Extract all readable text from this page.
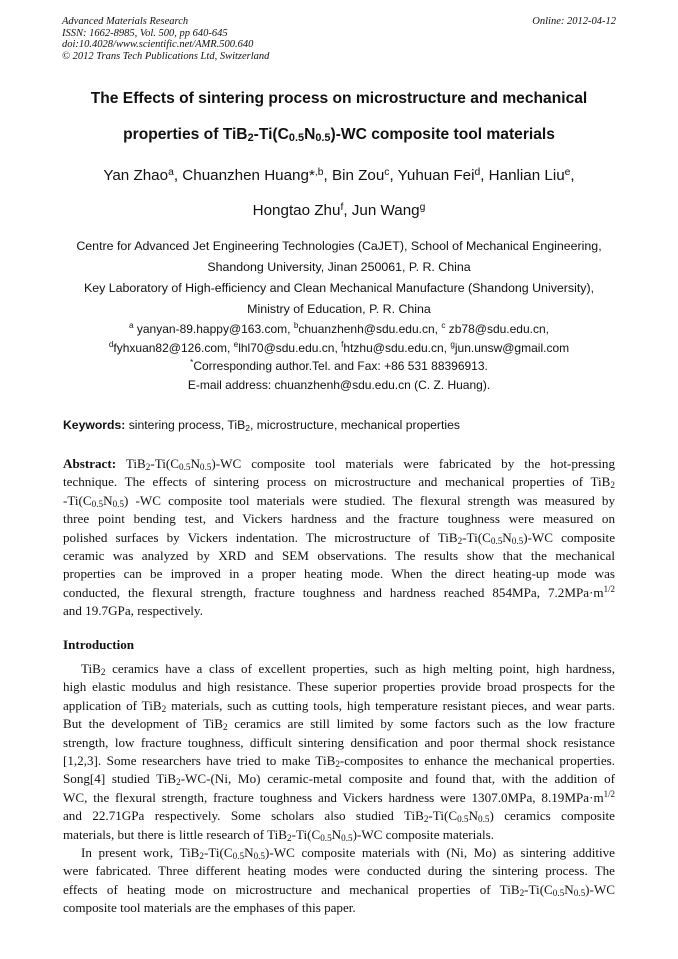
Advanced Materials Research
ISSN: 1662-8985, Vol. 500, pp 640-645
doi:10.4028/www.scientific.net/AMR.500.640
© 2012 Trans Tech Publications Ltd, Switzerland
Online: 2012-04-12
The Effects of sintering process on microstructure and mechanical
properties of $TiB_2-Ti(C_{0.5}N_{0.5})-WC$ composite tool materials
Yan Zhao$^a$, Chuanzhen Huang*$^{,b}$, Bin Zou$^c$, Yuhuan Fei$^d$, Hanlian Liu$^e$,
Hongtao Zhu$^f$, Jun Wang$^g$
Centre for Advanced Jet Engineering Technologies (CaJET), School of Mechanical Engineering,
Shandong University, Jinan 250061, P. R. China
Key Laboratory of High-efficiency and Clean Mechanical Manufacture (Shandong University),
Ministry of Education, P. R. China
$^a$ yanyan-89.happy@163.com, $^b$chuanzhenh@sdu.edu.cn, $^c$ zb78@sdu.edu.cn,
$^d$fyhxuan82@126.com, $^e$lhl70@sdu.edu.cn, $^f$htzhu@sdu.edu.cn, $^g$jun.unsw@gmail.com
*Corresponding author.Tel. and Fax: +86 531 88396913.
E-mail address: chuanzhenh@sdu.edu.cn (C. Z. Huang).
Keywords: sintering process, TiB$_2$, microstructure, mechanical properties
Abstract: $TiB_2-Ti(C_{0.5}N_{0.5})-WC$ composite tool materials were fabricated by the hot-pressing
technique. The effects of sintering process on microstructure and mechanical properties of TiB$_2$
$-Ti(C_{0.5}N_{0.5})$ -WC composite tool materials were studied. The flexural strength was measured by
three point bending test, and Vickers hardness and the fracture toughness were measured on
polished surfaces by Vickers indentation. The microstructure of $TiB_2-Ti(C_{0.5}N_{0.5})-WC$ composite
ceramic was analyzed by XRD and SEM observations. The results show that the mechanical
properties can be improved in a proper heating mode. When the direct heating-up mode was
conducted, the flexural strength, fracture toughness and hardness reached 854MPa, $7.2MPa\cdot m^{1/2}$
and 19.7GPa, respectively.
Introduction
TiB$_2$ ceramics have a class of excellent properties, such as high melting point, high hardness,
high elastic modulus and high resistance. These superior properties provide broad prospects for the
application of TiB$_2$ materials, such as cutting tools, high temperature resistant pieces, and wear parts.
But the development of TiB$_2$ ceramics are still limited by some factors such as the low fracture
strength, low fracture toughness, difficult sintering densification and poor thermal shock resistance
[1,2,3]. Some researchers have tried to make TiB$_2$-composites to enhance the mechanical properties.
Song[4] studied TiB$_2$-WC-(Ni, Mo) ceramic-metal composite and found that, with the addition of
WC, the flexural strength, fracture toughness and Vickers hardness were 1307.0MPa, $8.19MPa\cdot m^{1/2}$
and 22.71GPa respectively. Some scholars also studied $TiB_2-Ti(C_{0.5}N_{0.5})$ ceramics composite
materials, but there is little research of $TiB_2-Ti(C_{0.5}N_{0.5})-WC$ composite materials.
In present work, $TiB_2-Ti(C_{0.5}N_{0.5})-WC$ composite materials with (Ni, Mo) as sintering additive
were fabricated. Three different heating modes were conducted during the sintering process. The
effects of heating mode on microstructure and mechanical properties of $TiB_2-Ti(C_{0.5}N_{0.5})-WC$
composite tool materials are the emphases of this paper.
